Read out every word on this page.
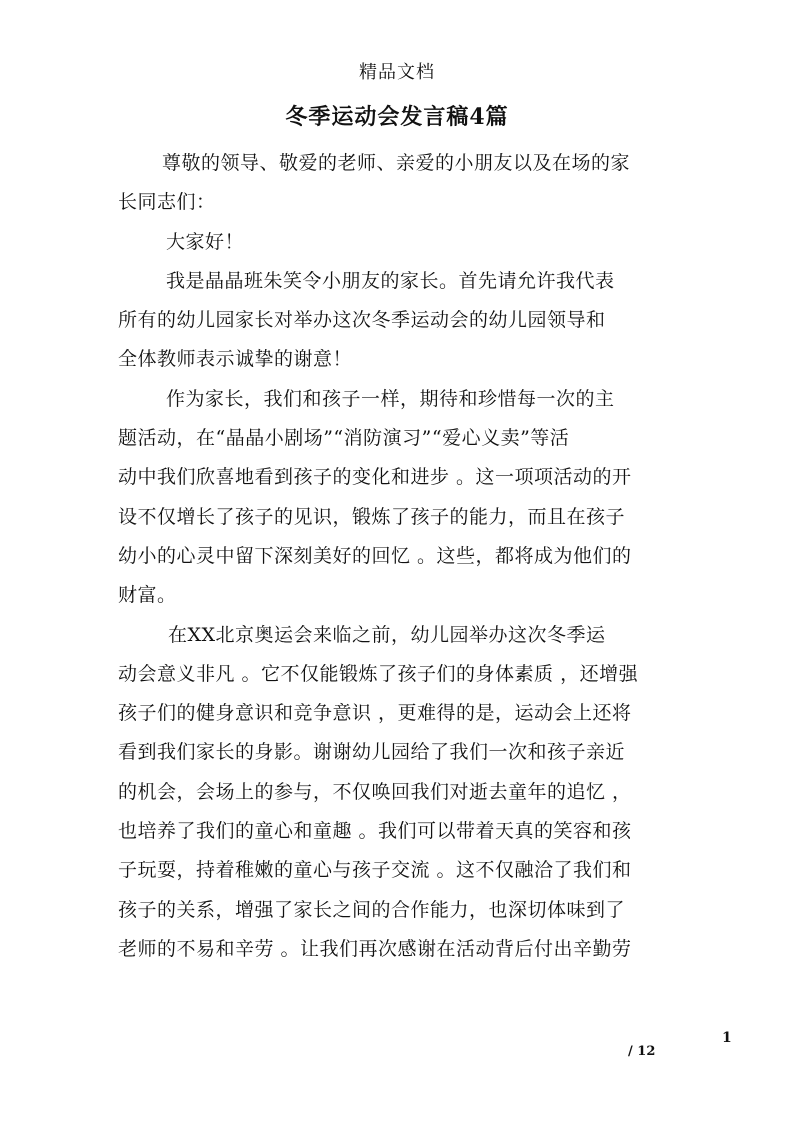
精品文档
冬季运动会发言稿4篇
尊敬的领导、敬爱的老师、亲爱的小朋友以及在场的家
长同志们：
大家好！
我是晶晶班朱笑令小朋友的家长。首先请允许我代表
所有的幼儿园家长对举办这次冬季运动会的幼儿园领导和
全体教师表示诚挚的谢意！
作为家长，我们和孩子一样，期待和珍惜每一次的主
题活动，在“晶晶小剧场”“消防演习”“爱心义卖”等活
动中我们欣喜地看到孩子的变化和进步 。这一项项活动的开
设不仅增长了孩子的见识，锻炼了孩子的能力，而且在孩子
幼小的心灵中留下深刻美好的回忆 。这些，都将成为他们的
财富。
在XX北京奥运会来临之前，幼儿园举办这次冬季运
动会意义非凡 。它不仅能锻炼了孩子们的身体素质 ，还增强
孩子们的健身意识和竞争意识 ，更难得的是，运动会上还将
看到我们家长的身影。谢谢幼儿园给了我们一次和孩子亲近
的机会，会场上的参与，不仅唤回我们对逝去童年的追忆 ，
也培养了我们的童心和童趣 。我们可以带着天真的笑容和孩
子玩耍，持着稚嫩的童心与孩子交流 。这不仅融洽了我们和
孩子的关系，增强了家长之间的合作能力，也深切体味到了
老师的不易和辛劳 。让我们再次感谢在活动背后付出辛勤劳
1
/ 12
